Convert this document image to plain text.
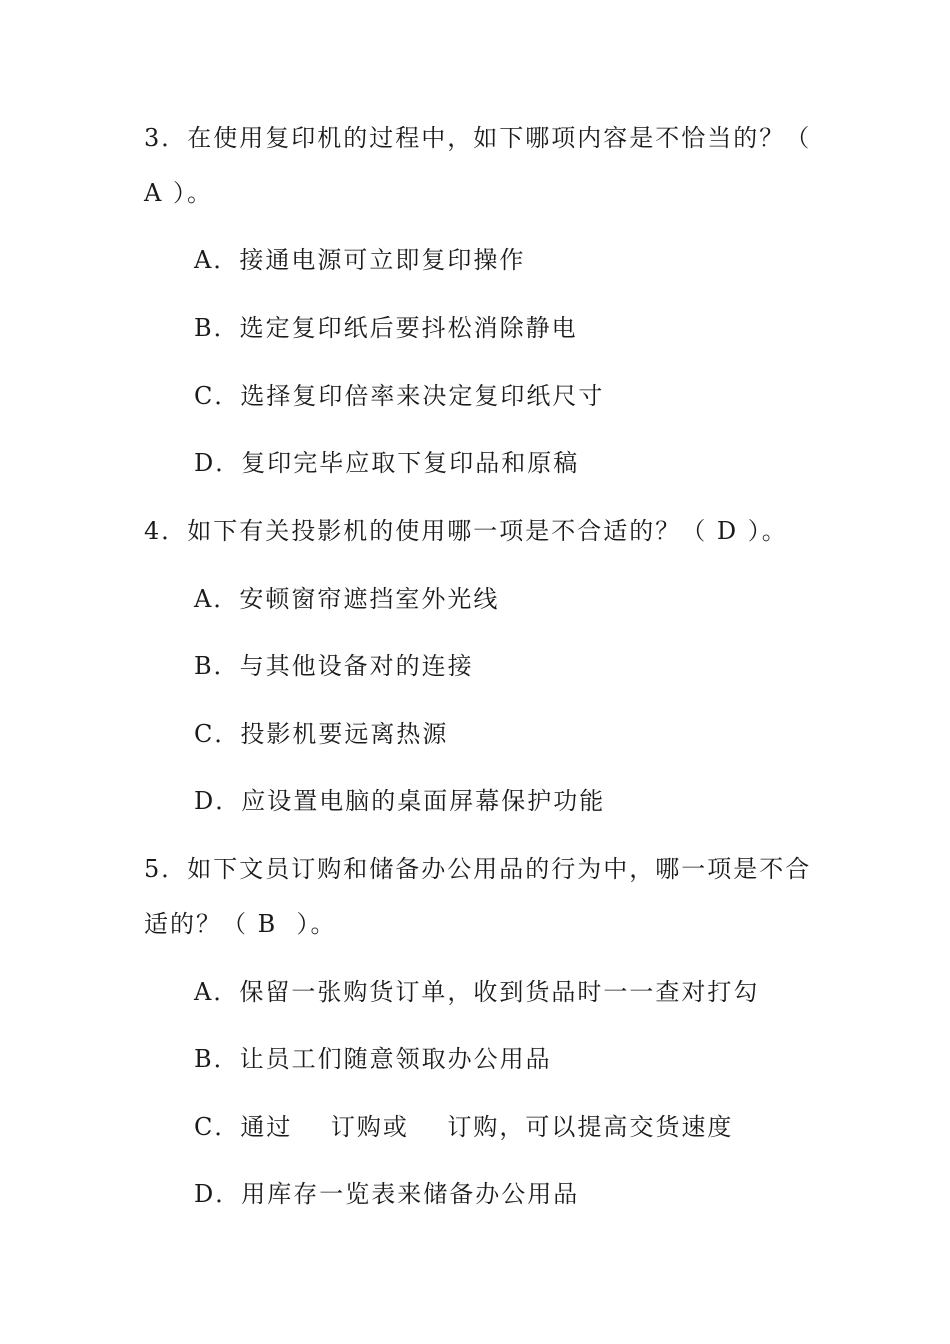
3．在使用复印机的过程中，如下哪项内容是不恰当的？（
A ）。
A．接通电源可立即复印操作
B．选定复印纸后要抖松消除静电
C．选择复印倍率来决定复印纸尺寸
D．复印完毕应取下复印品和原稿
4．如下有关投影机的使用哪一项是不合适的？（ D ）。
A．安顿窗帘遮挡室外光线
B．与其他设备对的连接
C．投影机要远离热源
D．应设置电脑的桌面屏幕保护功能
5．如下文员订购和储备办公用品的行为中，哪一项是不合
适的？（ B  ）。
A．保留一张购货订单，收到货品时一一查对打勾
B．让员工们随意领取办公用品
C．通过    订购或    订购，可以提高交货速度
D．用库存一览表来储备办公用品
